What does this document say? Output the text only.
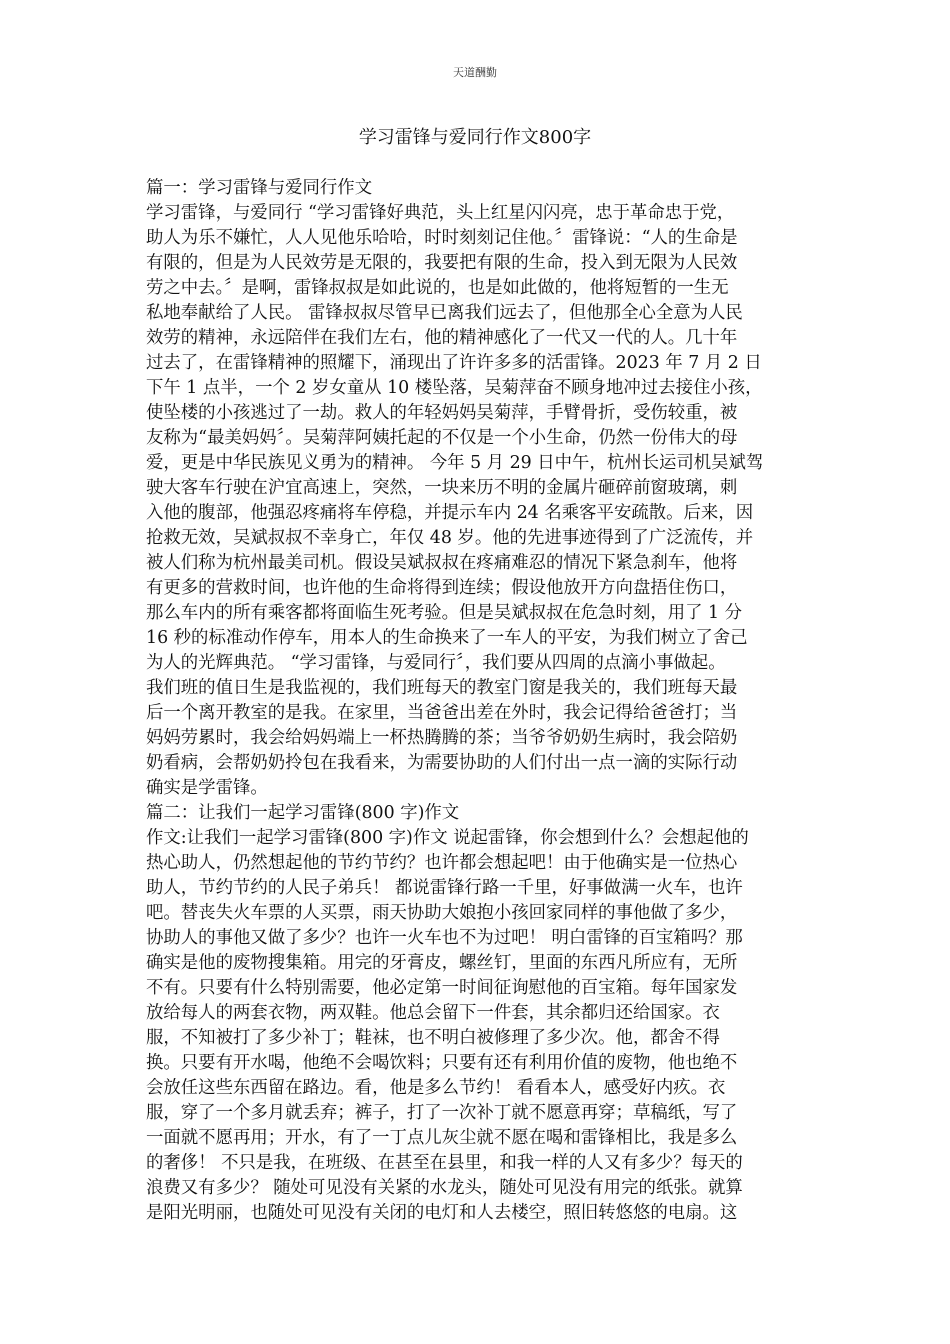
天道酬勤
学习雷锋与爱同行作文800字
篇一：学习雷锋与爱同行作文
学习雷锋，与爱同行 “学习雷锋好典范，头上红星闪闪亮，忠于革命忠于党，
助人为乐不嫌忙，人人见他乐哈哈，时时刻刻记住他。〞雷锋说：“人的生命是
有限的，但是为人民效劳是无限的，我要把有限的生命，投入到无限为人民效
劳之中去。〞是啊，雷锋叔叔是如此说的，也是如此做的，他将短暂的一生无
私地奉献给了人民。 雷锋叔叔尽管早已离我们远去了，但他那全心全意为人民
效劳的精神，永远陪伴在我们左右，他的精神感化了一代又一代的人。几十年
过去了，在雷锋精神的照耀下，涌现出了许许多多的活雷锋。2023 年 7 月 2 日
下午 1 点半，一个 2 岁女童从 10 楼坠落，吴菊萍奋不顾身地冲过去接住小孩，
使坠楼的小孩逃过了一劫。救人的年轻妈妈吴菊萍，手臂骨折，受伤较重，被
友称为“最美妈妈〞。吴菊萍阿姨托起的不仅是一个小生命，仍然一份伟大的母
爱，更是中华民族见义勇为的精神。 今年 5 月 29 日中午，杭州长运司机吴斌驾
驶大客车行驶在沪宜高速上，突然，一块来历不明的金属片砸碎前窗玻璃，刺
入他的腹部，他强忍疼痛将车停稳，并提示车内 24 名乘客平安疏散。后来，因
抢救无效，吴斌叔叔不幸身亡，年仅 48 岁。他的先进事迹得到了广泛流传，并
被人们称为杭州最美司机。假设吴斌叔叔在疼痛难忍的情况下紧急刹车，他将
有更多的营救时间，也许他的生命将得到连续；假设他放开方向盘捂住伤口，
那么车内的所有乘客都将面临生死考验。但是吴斌叔叔在危急时刻，用了 1 分
16 秒的标准动作停车，用本人的生命换来了一车人的平安，为我们树立了舍己
为人的光辉典范。 “学习雷锋，与爱同行〞，我们要从四周的点滴小事做起。
我们班的值日生是我监视的，我们班每天的教室门窗是我关的，我们班每天最
后一个离开教室的是我。在家里，当爸爸出差在外时，我会记得给爸爸打；当
妈妈劳累时，我会给妈妈端上一杯热腾腾的茶；当爷爷奶奶生病时，我会陪奶
奶看病，会帮奶奶拎包在我看来，为需要协助的人们付出一点一滴的实际行动
确实是学雷锋。
篇二：让我们一起学习雷锋(800 字)作文
作文:让我们一起学习雷锋(800 字)作文 说起雷锋，你会想到什么？会想起他的
热心助人，仍然想起他的节约节约？也许都会想起吧！由于他确实是一位热心
助人，节约节约的人民子弟兵！ 都说雷锋行路一千里，好事做满一火车，也许
吧。替丧失火车票的人买票，雨天协助大娘抱小孩回家同样的事他做了多少，
协助人的事他又做了多少？也许一火车也不为过吧！ 明白雷锋的百宝箱吗？那
确实是他的废物搜集箱。用完的牙膏皮，螺丝钉，里面的东西凡所应有，无所
不有。只要有什么特别需要，他必定第一时间征询慰他的百宝箱。每年国家发
放给每人的两套衣物，两双鞋。他总会留下一件套，其余都归还给国家。衣
服，不知被打了多少补丁；鞋袜，也不明白被修理了多少次。他，都舍不得
换。只要有开水喝，他绝不会喝饮料；只要有还有利用价值的废物，他也绝不
会放任这些东西留在路边。看，他是多么节约！ 看看本人，感受好内疚。衣
服，穿了一个多月就丢弃；裤子，打了一次补丁就不愿意再穿；草稿纸，写了
一面就不愿再用；开水，有了一丁点儿灰尘就不愿在喝和雷锋相比，我是多么
的奢侈！ 不只是我，在班级、在甚至在县里，和我一样的人又有多少？每天的
浪费又有多少？ 随处可见没有关紧的水龙头，随处可见没有用完的纸张。就算
是阳光明丽，也随处可见没有关闭的电灯和人去楼空，照旧转悠悠的电扇。这
